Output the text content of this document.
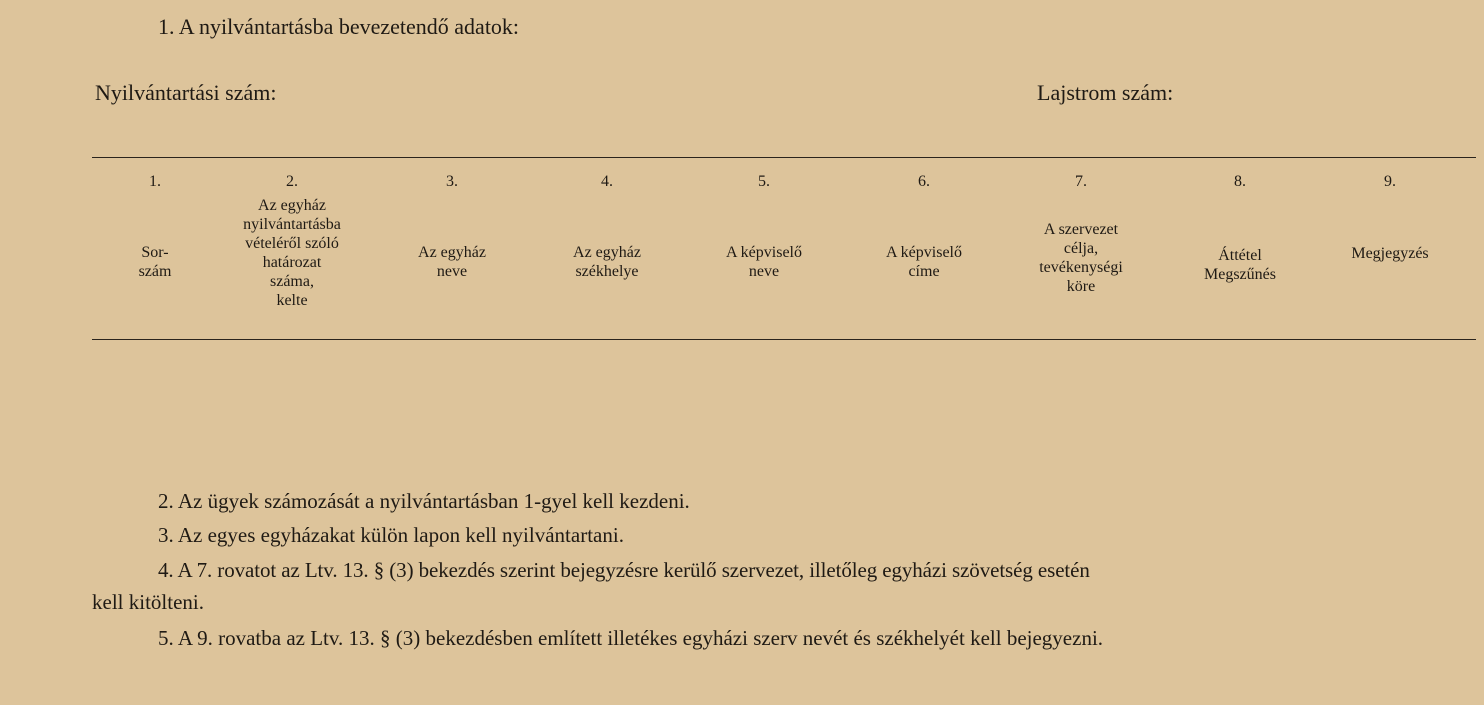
1. A nyilvántartásba bevezetendő adatok:
Nyilvántartási szám:	Lajstrom szám:
1.
Sor-
szám
2.
Az egyház
nyilvántartásba
vételéről szóló
határozat
száma,
kelte
3.
Az egyház
neve
4.
Az egyház
székhelye
5.
A képviselő
neve
6.
A képviselő
címe
7.
A szervezet
célja,
tevékenységi
köre
8.
Áttétel
Megszűnés
9.
Megjegyzés
2. Az ügyek számozását a nyilvántartásban 1-gyel kell kezdeni.
3. Az egyes egyházakat külön lapon kell nyilvántartani.
4. A 7. rovatot az Ltv. 13. § (3) bekezdés szerint bejegyzésre kerülő szervezet, illetőleg egyházi szövetség esetén
kell kitölteni.
5. A 9. rovatba az Ltv. 13. § (3) bekezdésben említett illetékes egyházi szerv nevét és székhelyét kell bejegyezni.
